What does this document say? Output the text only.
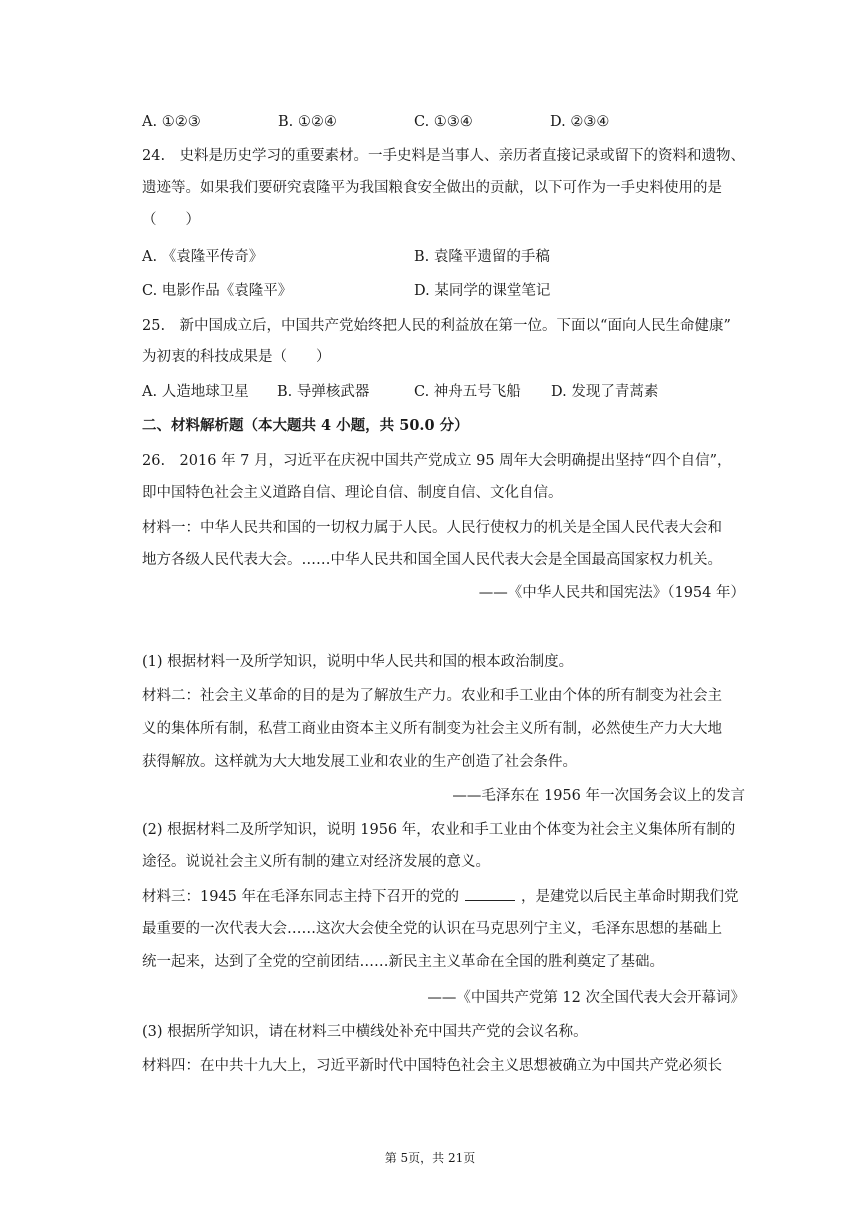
A. ①②③	B. ①②④	C. ①③④	D. ②③④
24.　史料是历史学习的重要素材。一手史料是当事人、亲历者直接记录或留下的资料和遗物、
遗迹等。如果我们要研究袁隆平为我国粮食安全做出的贡献，以下可作为一手史料使用的是
（　　）
A. 《袁隆平传奇》	B. 袁隆平遗留的手稿
C. 电影作品《袁隆平》	D. 某同学的课堂笔记
25.　新中国成立后，中国共产党始终把人民的利益放在第一位。下面以“面向人民生命健康”
为初衷的科技成果是（　　）
A. 人造地球卫星 B. 导弹核武器	C. 神舟五号飞船 D. 发现了青蒿素
二、材料解析题（本大题共 4 小题，共 50.0 分）
26.　2016 年 7 月，习近平在庆祝中国共产党成立 95 周年大会明确提出坚持“四个自信”，
即中国特色社会主义道路自信、理论自信、制度自信、文化自信。
材料一：中华人民共和国的一切权力属于人民。人民行使权力的机关是全国人民代表大会和
地方各级人民代表大会。……中华人民共和国全国人民代表大会是全国最高国家权力机关。
——《中华人民共和国宪法》（1954 年）
(1) 根据材料一及所学知识，说明中华人民共和国的根本政治制度。
材料二：社会主义革命的目的是为了解放生产力。农业和手工业由个体的所有制变为社会主
义的集体所有制，私营工商业由资本主义所有制变为社会主义所有制，必然使生产力大大地
获得解放。这样就为大大地发展工业和农业的生产创造了社会条件。
——毛泽东在 1956 年一次国务会议上的发言
(2) 根据材料二及所学知识，说明 1956 年，农业和手工业由个体变为社会主义集体所有制的
途径。说说社会主义所有制的建立对经济发展的意义。
材料三：1945 年在毛泽东同志主持下召开的党的	，是建党以后民主革命时期我们党
最重要的一次代表大会……这次大会使全党的认识在马克思列宁主义，毛泽东思想的基础上
统一起来，达到了全党的空前团结……新民主主义革命在全国的胜利奠定了基础。
——《中国共产党第 12 次全国代表大会开幕词》
(3) 根据所学知识，请在材料三中横线处补充中国共产党的会议名称。
材料四：在中共十九大上，习近平新时代中国特色社会主义思想被确立为中国共产党必须长
第 5页，共 21页
